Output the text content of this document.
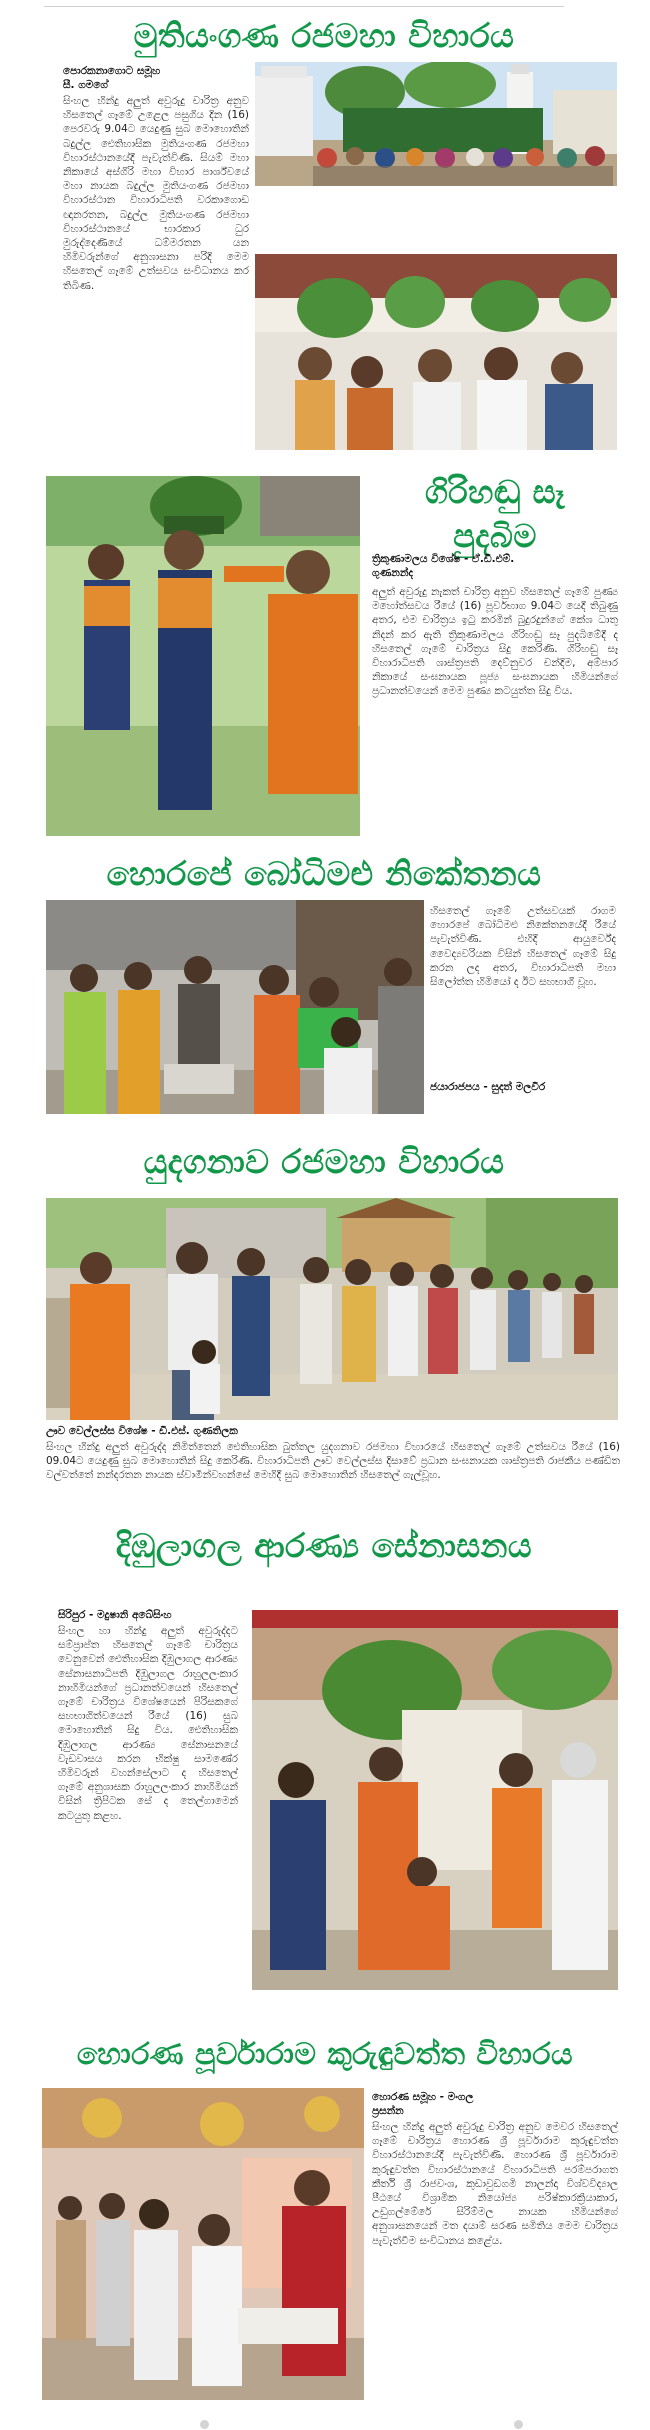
මුතියංගණ රජමහා විහාරය
පොරකනාගොට සමූහ
සී. ගමගේ
සිංහල හින්දු අලුත් අවුරුදු චාරිත්‍ර අනුව හිසතෙල් ගෑමේ උළෙල පසුගිය දින (16) පෙරවරු 9.04ට යෙදුණු සුබ මොහොතින් බදුල්ල ඓතිහාසික මුතියංගණ රජමහා විහාරස්ථානයේදී පැවැත්විණි. සියම් මහා නිකායේ අස්ගිරි මහා විහාර පාර්ශ්වයේ මහා නායක බදුල්ල මුතියංගණ රජමහා විහාරස්ථාන විහාරාධිපති වරකාගොඩ ඥානරතන, බදුල්ල මුතියංගණ රජමහා විහාරස්ථානයේ භාරකාර ධුර මුරුද්දෙණියේ ධම්මරතන යන හිමිවරුන්ගේ අනුශාසනා පරිදි මෙම හිසතෙල් ගෑමේ උත්සවය සංවිධානය කර තිබිණ.
ගිරිහඬු සෑ
පුදබිම
ත්‍රිකුණාමලය විශේෂ - ඒ.ඩී.එම්.
ගුණනන්ද
අලුත් අවුරුදු නැකත් චාරිත්‍ර අනුව හිසතෙල් ගෑමේ පුණ්‍ය මහෝත්සවය රීයේ (16) පූර්වභාග 9.04ට යෙදී තිබුණු අතර, එම චාරිත්‍රය ඉටු කරමින් බුදුරදුන්ගේ කේශ ධාතු නිදන් කර ඇති ත්‍රිකුණාමලය ගිරිහඬු සෑ පුදබිමේදී ද හිසතෙල් ගෑමේ චාරිත්‍රය සිදු කෙරිණි. ගිරිහඬු සෑ විහාරාධිපති ශාස්ත්‍රපති දෙව්නුවර චන්දිම, අම්පාර නිකායේ සංඝනායක පූජ්‍ය සංඝනායක හිමියන්ගේ ප්‍රධානත්වයෙන් මෙම පුණ්‍ය කටයුත්ත සිදු විය.
හොරපේ බෝධිමළු නිකේතනය
හිසතෙල් ගෑමේ උත්සවයක් රාගම හොරපේ බෝධිමළු නිකේතනයේදී රීයේ පැවැත්විණි. එහිදී ආයුර්වේද වෛද්‍යවරියක විසින් හිසතෙල් ගෑමේ සිදු කරන ලද අතර, විහාරාධිපති මහා සිලෝත්ත හිමියෝ ද ඊට සහභාගී වූහ.
ජයාරාජපය - සුදත් මලවීර
යුදගනාව රජමහා විහාරය
ඌව වෙල්ලස්ස විශේෂ - ඩී.එස්. ගුණතිලක
සිංහල හින්දු අලුත් අවුරුද්ද නිමිත්තෙන් ඓතිහාසික බුත්තල යුදගනාව රජමහා විහාරයේ හිසතෙල් ගෑමේ උත්සවය රීයේ (16) 09.04ට යෙදුණු සුබ මොහොතින් සිදු කෙරිණි. විහාරාධිපති ඌව වෙල්ලස්ස දිසාවේ ප්‍රධාන සංඝනායක ශාස්ත්‍රපති රාජකීය පණ්ඩිත වල්වත්තේ නන්දරතන නායක ස්වාමීන්වහන්සේ මෙහිදී සුබ මොහොතින් හිසතෙල් ගැල්වූහ.
දිඹුලාගල ආරණ්‍ය සේනාසනය
සිරිපුර - මදුෂානි අබේසිංහ
සිංහල හා හින්දු අලුත් අවුරුද්දට සම්ප්‍රාප්ත හිසතෙල් ගෑමේ චාරිත්‍රය වෙනුවෙන් ඓතිහාසික දිඹුලාගල ආරණ්‍ය සේනාසනාධිපති දිඹුලාගල රාහුලලංකාර නාහිමියන්ගේ ප්‍රධානත්වයෙන් හිසතෙල් ගෑමේ චාරිත්‍රය විශේෂයෙන් පිරිසකගේ සහභාගිත්වයෙන් රීයේ (16) සුබ මොහොතින් සිදු විය. ඓතිහාසික දිඹුලාගල ආරණ්‍ය සේනාසනයේ වැඩවාසය කරන භික්ෂු සාමණේර හිමිවරුන් වහන්සේලාට ද හිසතෙල් ගෑමේ අනුශාසක රාහුලලංකාර නාහිමියන් විසින් ත්‍රිපිටක සේ ද තෙල්ගාමෙන් කටයුතු කළහ.
හොරණ පූර්වාරාම කුරුඳුවත්ත විහාරය
හොරණ සමූහ - මංගල
ප්‍රසන්න
සිංහල හින්දු අලුත් අවුරුදු චාරිත්‍ර අනුව මෙවර හිසතෙල් ගෑමේ චාරිත්‍රය හොරණ ශ්‍රී පූර්වාරාම කුරුඳුවත්ත විහාරස්ථානයේදී පැවැත්විණි. හොරණ ශ්‍රී පූර්වාරාම කුරුඳුවත්ත විහාරස්ථානයේ විහාරාධිපති පරම්පරාගත කීර්ති ශ්‍රී රාජවංශ, කුඩාවුඩගමි නාලන්දා විශ්වවිද්‍යාල පීඨයේ විශ්‍රාමික නියෝජ්‍ය පරිෂ්කාරක්‍රියාකාර, උඩුගල්මේරේ සිරිම්මල නායක හිමියන්ගේ අනුශාසනයෙන් මත දයාම් සරණ සමිතිය මෙම චාරිත්‍රය පැවැත්වීම සංවිධානය කළේය.
